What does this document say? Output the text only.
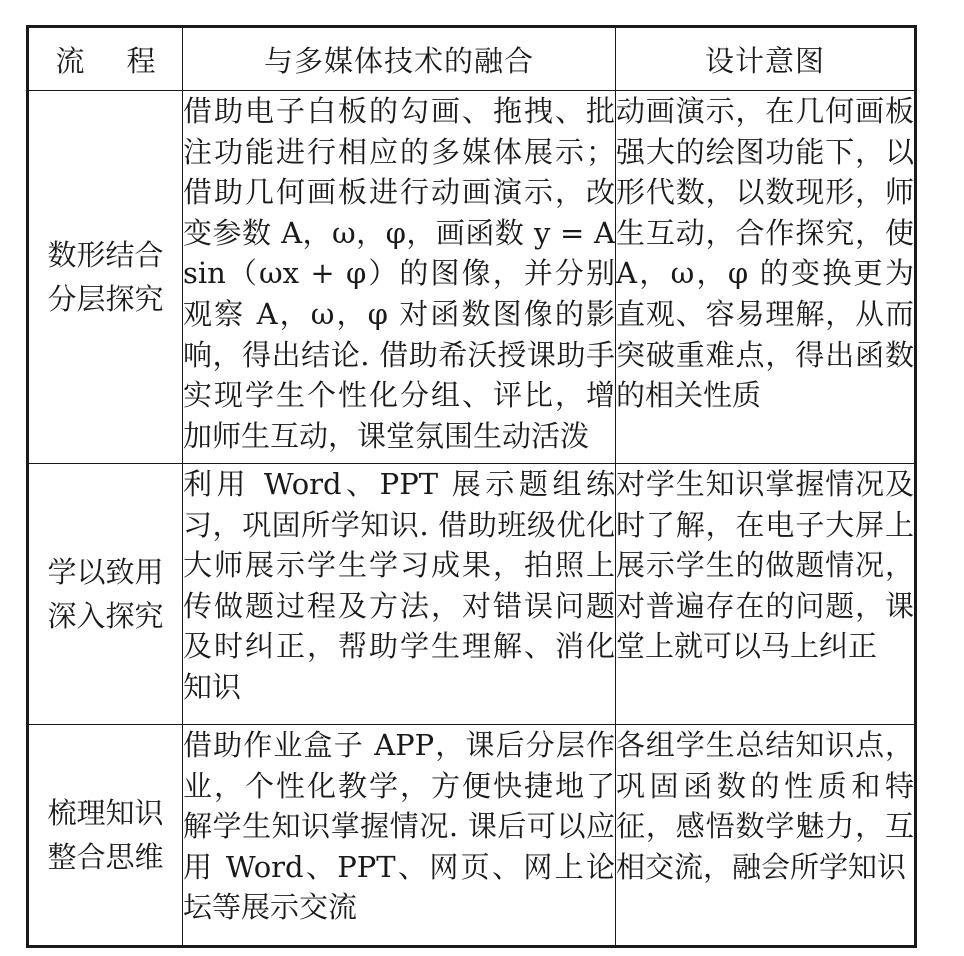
流程	与多媒体技术的融合	设计意图

数形结合
分层探究	借助电子白板的勾画、拖拽、批注功能进行相应的多媒体展示；借助几何画板进行动画演示，改变参数 A，ω，φ，画函数 y = Asin（ωx + φ）的图像，并分别观察 A，ω，φ 对函数图像的影响，得出结论. 借助希沃授课助手实现学生个性化分组、评比，增加师生互动，课堂氛围生动活泼	动画演示，在几何画板强大的绘图功能下，以形代数，以数现形，师生互动，合作探究，使 A，ω，φ 的变换更为直观、容易理解，从而突破重难点，得出函数的相关性质

学以致用
深入探究	利用 Word、PPT 展示题组练习，巩固所学知识. 借助班级优化大师展示学生学习成果，拍照上传做题过程及方法，对错误问题及时纠正，帮助学生理解、消化知识	对学生知识掌握情况及时了解，在电子大屏上展示学生的做题情况，对普遍存在的问题，课堂上就可以马上纠正

梳理知识
整合思维	借助作业盒子 APP，课后分层作业，个性化教学，方便快捷地了解学生知识掌握情况. 课后可以应用 Word、PPT、网页、网上论坛等展示交流	各组学生总结知识点，巩固函数的性质和特征，感悟数学魅力，互相交流，融会所学知识
